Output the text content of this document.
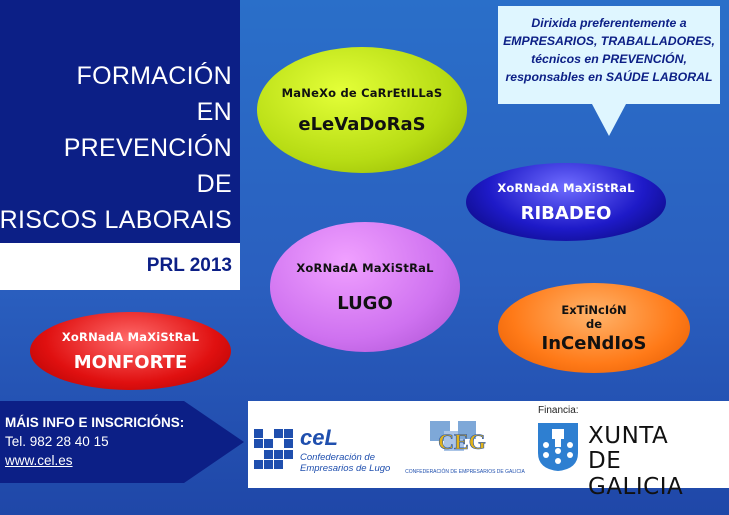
FORMACIÓN
EN
PREVENCIÓN
DE
RISCOS LABORAIS
PRL 2013
Dirixida preferentemente a EMPRESARIOS, TRABALLADORES, técnicos en PREVENCIÓN, responsables en SAÚDE LABORAL
MaNeXo de CaRrEtILLaS
eLeVaDoRaS
XoRNadA MaXiStRaL
RIBADEO
XoRNadA MaXiStRaL
LUGO	ExTiNcIóN
de
InCeNdIoS
XoRNadA MaXiStRaL
MONFORTE
MÁIS INFO E INSCRICIÓNS:
Tel. 982 28 40 15
www.cel.es
ceL
Confederación de
Empresarios de Lugo
CEG
CONFEDERACIÓN DE EMPRESARIOS DE GALICIA
Financia:
XUNTA
DE GALICIA
